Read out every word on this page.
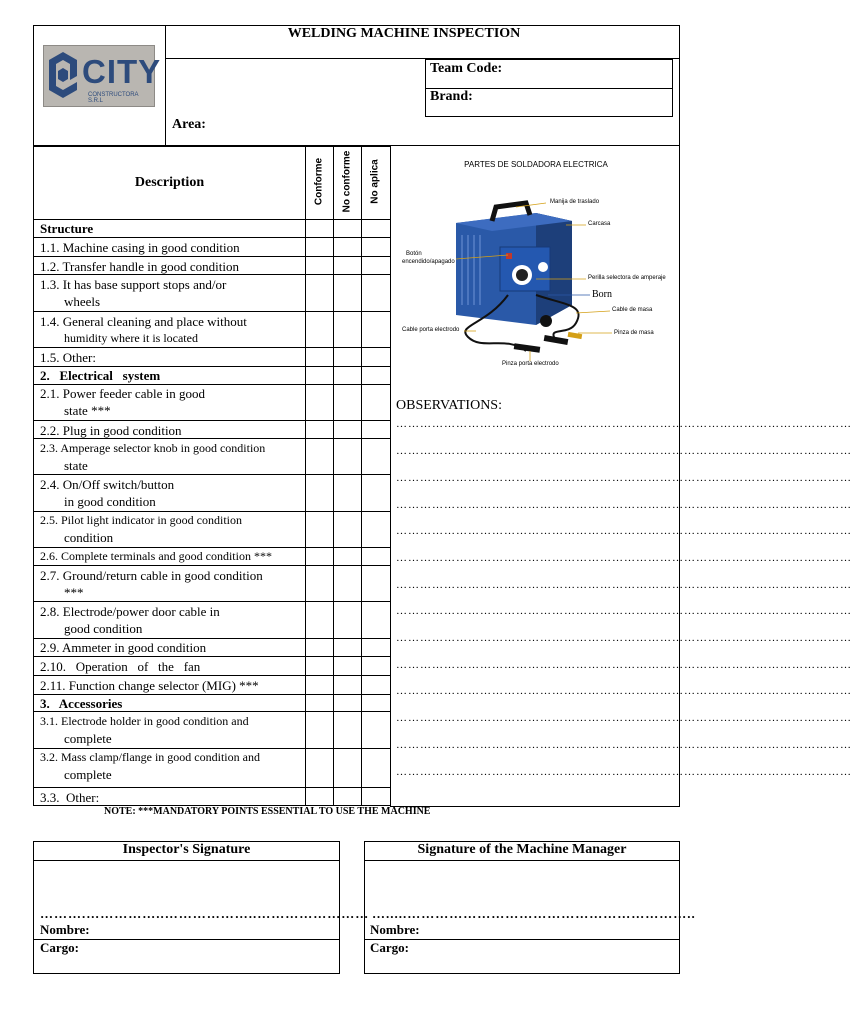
WELDING MACHINE INSPECTION
CITY
CONSTRUCTORA S.R.L
Team Code:
Brand:
Area:
Description	Conforme No conforme No aplica
Structure
1.1. Machine casing in good condition
1.2. Transfer handle in good condition
1.3. It has base support stops and/or
wheels
1.4. General cleaning and place without
humidity where it is located
1.5. Other:
2.   Electrical   system
2.1. Power feeder cable in good
state ***
2.2. Plug in good condition
2.3. Amperage selector knob in good condition
state
2.4. On/Off switch/button
in good condition
2.5. Pilot light indicator in good condition
condition
2.6. Complete terminals and good condition ***
2.7. Ground/return cable in good condition
***
2.8. Electrode/power door cable in
good condition
2.9. Ammeter in good condition
2.10.   Operation   of   the   fan
2.11. Function change selector (MIG) ***
3.   Accessories
3.1. Electrode holder in good condition and
complete
3.2. Mass clamp/flange in good condition and
complete
3.3.  Other:
PARTES DE SOLDADORA ELECTRICA
Manija de traslado
Carcasa
Botón
encendido/apagado
Perilla selectora de amperaje
Born
Cable de masa
Cable porta electrodo	Pinza de masa
Pinza porta electrodo
OBSERVATIONS:
……………………………………………………………………………………………………
……………………………………………………………………………………………………
……………………………………………………………………………………………………
……………………………………………………………………………………………………
……………………………………………………………………………………………………
……………………………………………………………………………………………………
……………………………………………………………………………………………………
……………………………………………………………………………………………………
……………………………………………………………………………………………………
……………………………………………………………………………………………………
……………………………………………………………………………………………………
……………………………………………………………………………………………………
……………………………………………………………………………………………………
……………………………………………………………………………………………………
NOTE: ***MANDATORY POINTS ESSENTIAL TO USE THE MACHINE
Inspector's Signature
……….……………..………………..……………………
Nombre:
Cargo:
Signature of the Machine Manager
….....……………………………………………………..
Nombre:
Cargo:
